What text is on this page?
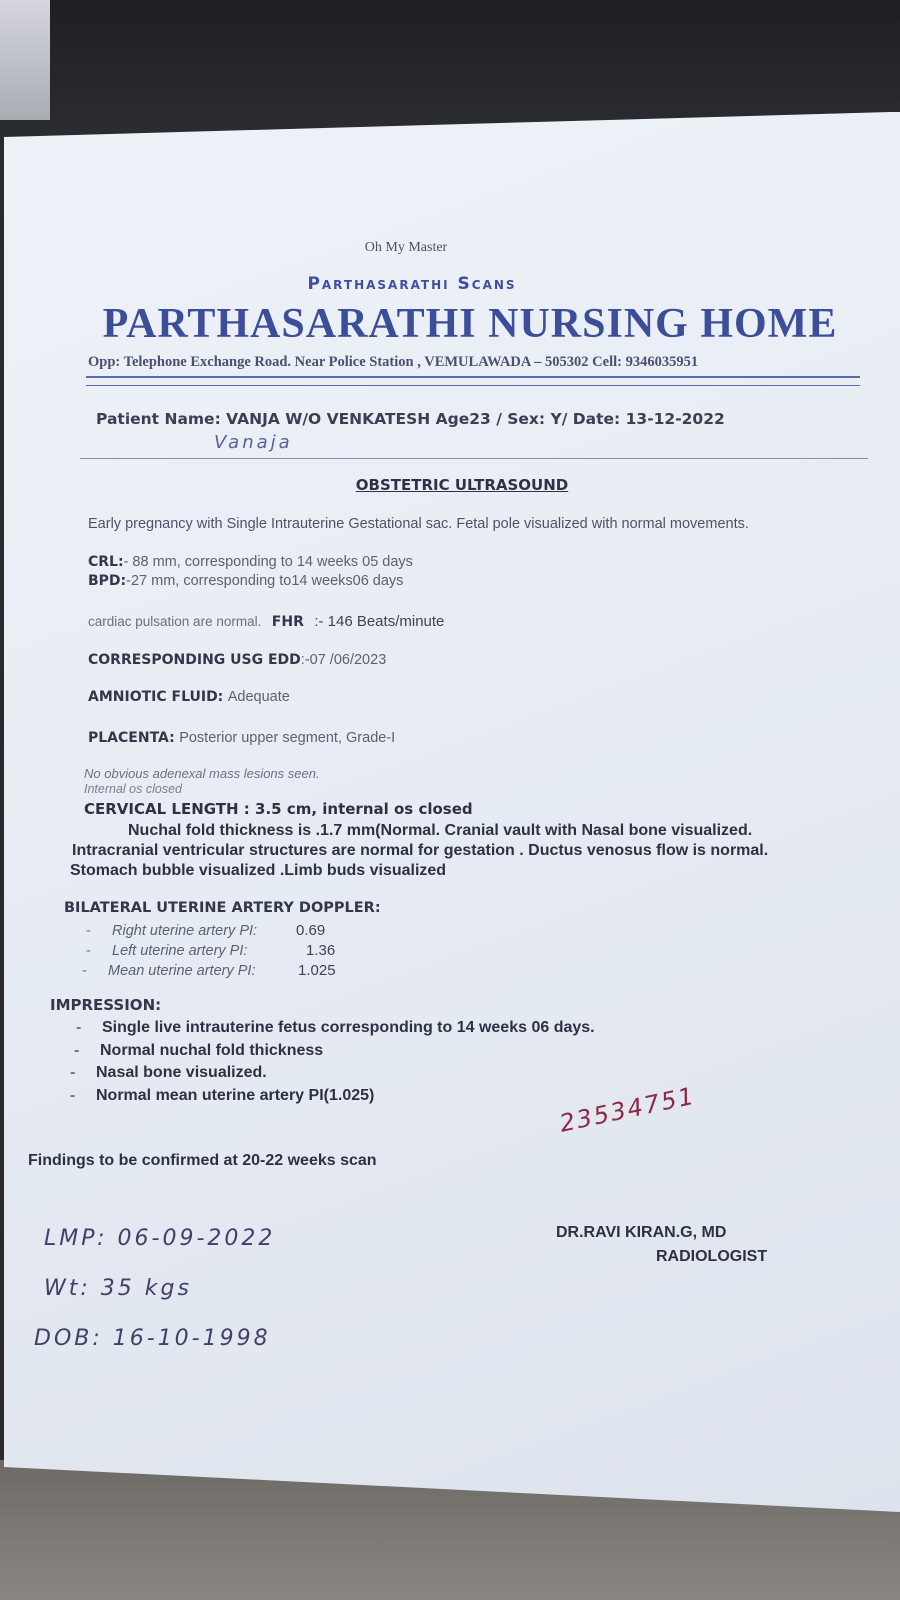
Oh My Master
Parthasarathi Scans
PARTHASARATHI NURSING HOME
Opp: Telephone Exchange Road. Near Police Station , VEMULAWADA – 505302 Cell: 9346035951
Patient Name: VANJA W/O VENKATESH Age23 / Sex: Y/ Date: 13-12-2022
Vanaja
OBSTETRIC ULTRASOUND
Early pregnancy with Single Intrauterine Gestational sac. Fetal pole visualized with normal movements.
CRL:- 88 mm, corresponding to 14 weeks 05 days
BPD:-27 mm, corresponding to14 weeks06 days
cardiac pulsation are normal. FHR :- 146 Beats/minute
CORRESPONDING USG EDD:-07 /06/2023
AMNIOTIC FLUID: Adequate
PLACENTA: Posterior upper segment, Grade-I
No obvious adenexal mass lesions seen.
Internal os closed
CERVICAL LENGTH : 3.5 cm, internal os closed
Nuchal fold thickness is .1.7 mm(Normal. Cranial vault with Nasal bone visualized.
Intracranial ventricular structures are normal for gestation . Ductus venosus flow is normal.
Stomach bubble visualized .Limb buds visualized
BILATERAL UTERINE ARTERY DOPPLER:
- Right uterine artery PI:	0.69
- Left uterine artery PI:	1.36
- Mean uterine artery PI:	1.025
IMPRESSION:
- Single live intrauterine fetus corresponding to 14 weeks 06 days.
- Normal nuchal fold thickness
- Nasal bone visualized.
- Normal mean uterine artery PI(1.025)	23534751
Findings to be confirmed at 20-22 weeks scan
DR.RAVI KIRAN.G, MD
RADIOLOGIST
LMP: 06-09-2022
Wt: 35 kgs
DOB: 16-10-1998
